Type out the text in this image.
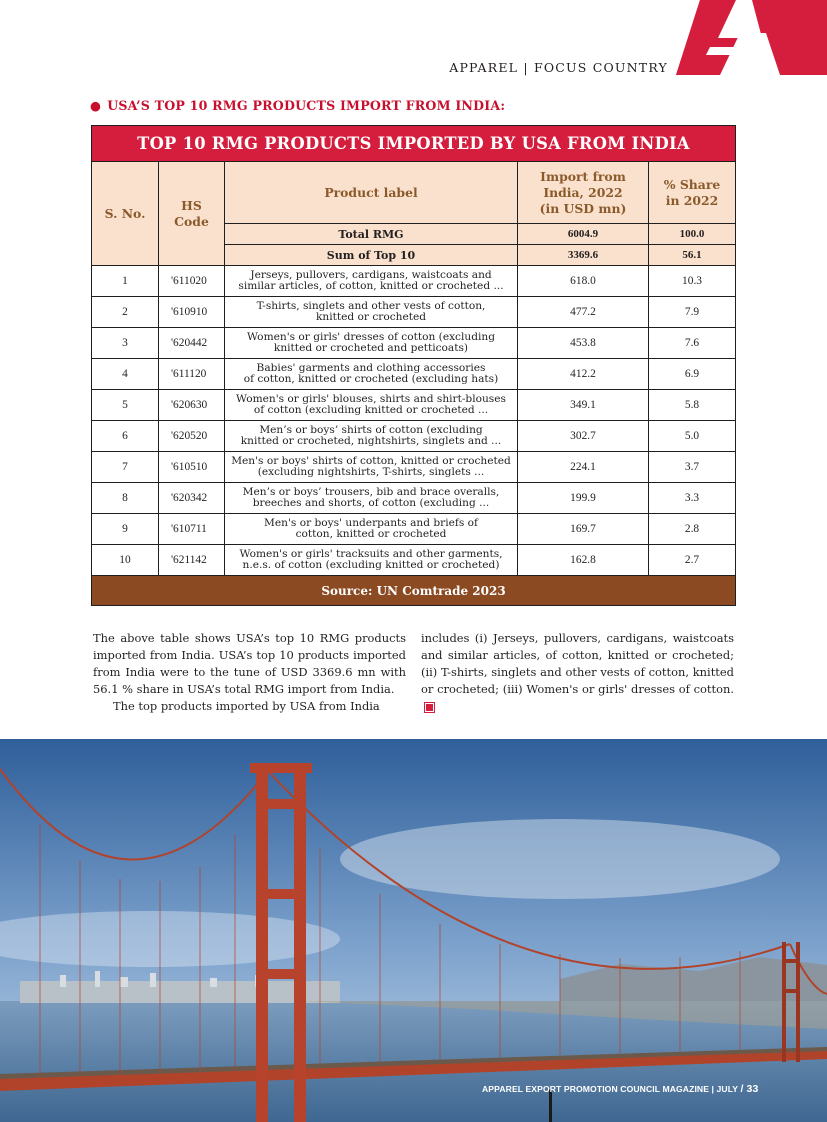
APPAREL | FOCUS COUNTRY
● USA’S TOP 10 RMG PRODUCTS IMPORT FROM INDIA:
TOP 10 RMG PRODUCTS IMPORTED BY USA FROM INDIA				
S. No.	HS Code	Product label	Import from India, 2022 (in USD mn)	% Share in 2022

		Total RMG	6004.9	100.0
		Sum of Top 10	3369.6	56.1
1	'611020	Jerseys, pullovers, cardigans, waistcoats and
similar articles, of cotton, knitted or crocheted ...	618.0	10.3
2	'610910	T-shirts, singlets and other vests of cotton,
knitted or crocheted	477.2	7.9
3	'620442	Women's or girls' dresses of cotton (excluding
knitted or crocheted and petticoats)	453.8	7.6
4	'611120	Babies' garments and clothing accessories
of cotton, knitted or crocheted (excluding hats)	412.2	6.9
5	'620630	Women's or girls' blouses, shirts and shirt-blouses
of cotton (excluding knitted or crocheted ...	349.1	5.8
6	'620520	Men’s or boys’ shirts of cotton (excluding
knitted or crocheted, nightshirts, singlets and ...	302.7	5.0
7	'610510	Men's or boys' shirts of cotton, knitted or crocheted
(excluding nightshirts, T-shirts, singlets ...	224.1	3.7
8	'620342	Men’s or boys’ trousers, bib and brace overalls,
breeches and shorts, of cotton (excluding ...	199.9	3.3
9	'610711	Men's or boys' underpants and briefs of
cotton, knitted or crocheted	169.7	2.8
10	'621142	Women's or girls' tracksuits and other garments,
n.e.s. of cotton (excluding knitted or crocheted)	162.8	2.7
Source: UN Comtrade 2023				

The above table shows USA’s top 10 RMG products imported from India. USA’s top 10 products imported from India were to the tune of USD 3369.6 mn with 56.1 % share in USA’s total RMG import from India.

The top products imported by USA from India

includes (i) Jerseys, pullovers, cardigans, waistcoats and similar articles, of cotton, knitted or crocheted; (ii) T-shirts, singlets and other vests of cotton, knitted or crocheted; (iii) Women's or girls' dresses of cotton.

APPAREL EXPORT PROMOTION COUNCIL MAGAZINE | JULY / 33
